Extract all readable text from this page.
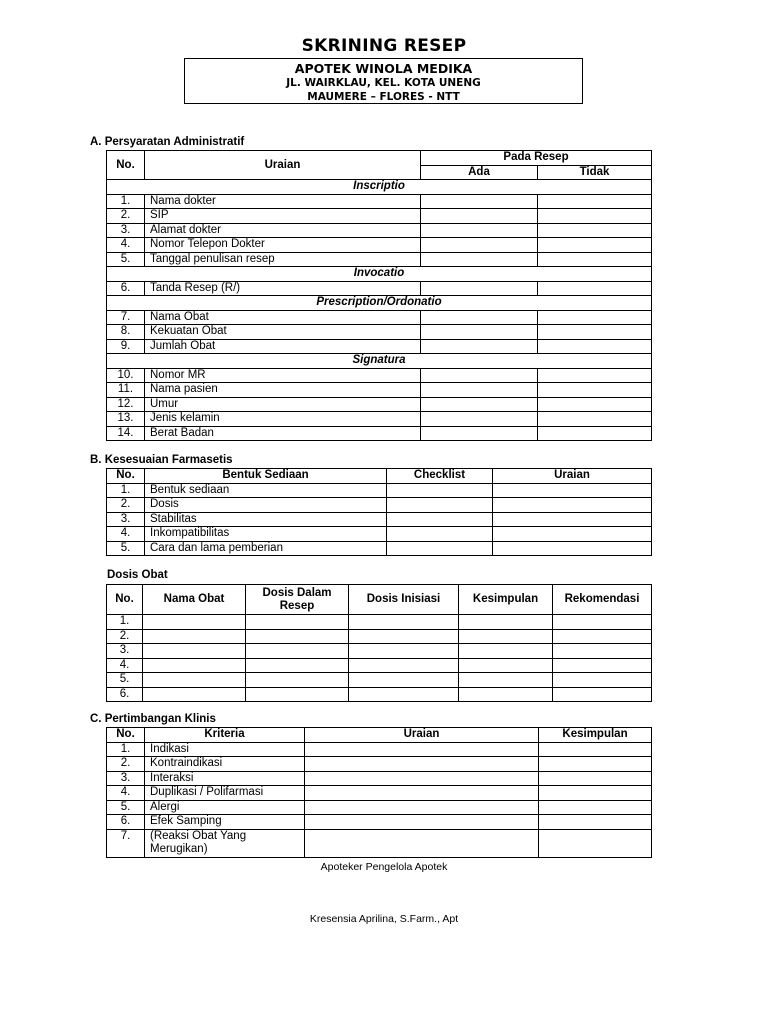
SKRINING RESEP
APOTEK WINOLA MEDIKA
JL. WAIRKLAU, KEL. KOTA UNENG
MAUMERE – FLORES - NTT
A. Persyaratan Administratif
No.	Uraian	Pada Resep	
		Ada	Tidak
Inscriptio			
1.	Nama dokter		
2.	SIP		
3.	Alamat dokter		
4.	Nomor Telepon Dokter		
5.	Tanggal penulisan resep		
Invocatio			
6.	Tanda Resep (R/)		
Prescription/Ordonatio			
7.	Nama Obat		
8.	Kekuatan Obat		
9.	Jumlah Obat		
Signatura			
10.	Nomor MR		
11.	Nama pasien		
12.	Umur		
13.	Jenis kelamin		
14.	Berat Badan		
B. Kesesuaian Farmasetis
No.	Bentuk Sediaan	Checklist	Uraian
1.	Bentuk sediaan		
2.	Dosis		
3.	Stabilitas		
4.	Inkompatibilitas		
5.	Cara dan lama pemberian		
Dosis Obat
No.	Nama Obat	Dosis Dalam Resep	Dosis Inisiasi	Kesimpulan	Rekomendasi
1.					
2.					
3.					
4.					
5.					
6.					
C. Pertimbangan Klinis
No.	Kriteria	Uraian	Kesimpulan
1.	Indikasi		
2.	Kontraindikasi		
3.	Interaksi		
4.	Duplikasi / Polifarmasi		
5.	Alergi		
6.	Efek Samping		
7.	(Reaksi Obat Yang Merugikan)		
Apoteker Pengelola Apotek
Kresensia Aprilina, S.Farm., Apt
